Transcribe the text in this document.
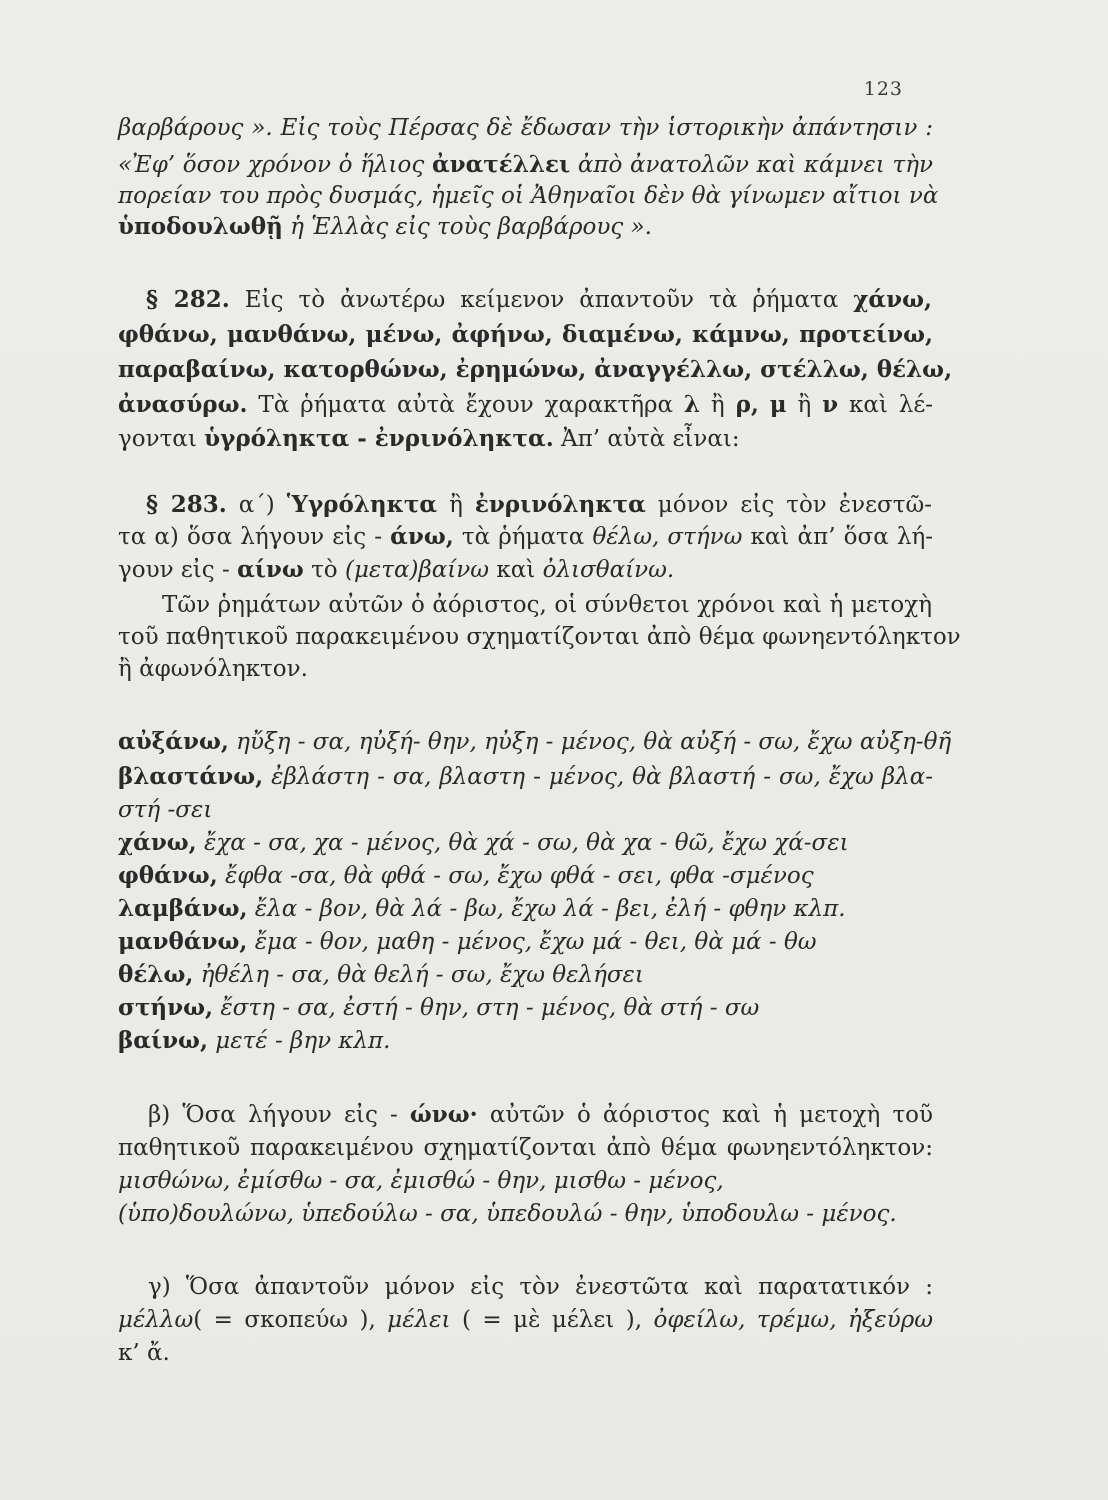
123
βαρβάρους ». Εἰς τοὺς Πέρσας δὲ ἔδωσαν τὴν ἱστορικὴν ἀπάντησιν :
«Ἐφ’ ὅσον χρόνον ὁ ἥλιος ἀνατέλλει ἀπὸ ἀνατολῶν καὶ κάμνει τὴν
πορείαν του πρὸς δυσμάς, ἡμεῖς οἱ Ἀθηναῖοι δὲν θὰ γίνωμεν αἴτιοι νὰ
ὑποδουλωθῇ ἡ Ἑλλὰς εἰς τοὺς βαρβάρους ».
§ 282. Εἰς τὸ ἀνωτέρω κείμενον ἀπαντοῦν τὰ ῥήματα χάνω,
φθάνω, μανθάνω, μένω, ἀφήνω, διαμένω, κάμνω, προτείνω,
παραβαίνω, κατορθώνω, ἐρημώνω, ἀναγγέλλω, στέλλω, θέλω,
ἀνασύρω. Τὰ ῥήματα αὐτὰ ἔχουν χαρακτῆρα λ ἢ ρ, μ ἢ ν καὶ λέ-
γονται ὑγρόληκτα - ἐνρινόληκτα. Ἀπ’ αὐτὰ εἶναι:
§ 283. α΄) Ὑγρόληκτα ἢ ἐνρινόληκτα μόνον εἰς τὸν ἐνεστῶ-
τα α) ὅσα λήγουν εἰς - άνω, τὰ ῥήματα θέλω, στήνω καὶ ἀπ’ ὅσα λή-
γουν εἰς - αίνω τὸ (μετα)βαίνω καὶ ὀλισθαίνω.
Τῶν ῥημάτων αὐτῶν ὁ ἀόριστος, οἱ σύνθετοι χρόνοι καὶ ἡ μετοχὴ
τοῦ παθητικοῦ παρακειμένου σχηματίζονται ἀπὸ θέμα φωνηεντόληκτον
ἢ ἀφωνόληκτον.
αὐξάνω, ηὔξη - σα, ηὐξή- θην, ηὐξη - μένος, θὰ αὐξή - σω, ἔχω αὐξη-θῆ
βλαστάνω, ἐβλάστη - σα, βλαστη - μένος, θὰ βλαστή - σω, ἔχω βλα-
στή -σει
χάνω, ἔχα - σα, χα - μένος, θὰ χά - σω, θὰ χα - θῶ, ἔχω χά-σει
φθάνω, ἔφθα -σα, θὰ φθά - σω, ἔχω φθά - σει, φθα -σμένος
λαμβάνω, ἔλα - βον, θὰ λά - βω, ἔχω λά - βει, ἐλή - φθην κλπ.
μανθάνω, ἔμα - θον, μαθη - μένος, ἔχω μά - θει, θὰ μά - θω
θέλω, ἠθέλη - σα, θὰ θελή - σω, ἔχω θελήσει
στήνω, ἔστη - σα, ἐστή - θην, στη - μένος, θὰ στή - σω
βαίνω, μετέ - βην κλπ.
β) Ὅσα λήγουν εἰς - ώνω· αὐτῶν ὁ ἀόριστος καὶ ἡ μετοχὴ τοῦ
παθητικοῦ παρακειμένου σχηματίζονται ἀπὸ θέμα φωνηεντόληκτον:
μισθώνω, ἐμίσθω - σα, ἐμισθώ - θην, μισθω - μένος,
(ὑπο)δουλώνω, ὑπεδούλω - σα, ὑπεδουλώ - θην, ὑποδουλω - μένος.
γ) Ὅσα ἀπαντοῦν μόνον εἰς τὸν ἐνεστῶτα καὶ παρατατικόν :
μέλλω( = σκοπεύω ), μέλει ( = μὲ μέλει ), ὀφείλω, τρέμω, ἠξεύρω
κ’ ἄ.
